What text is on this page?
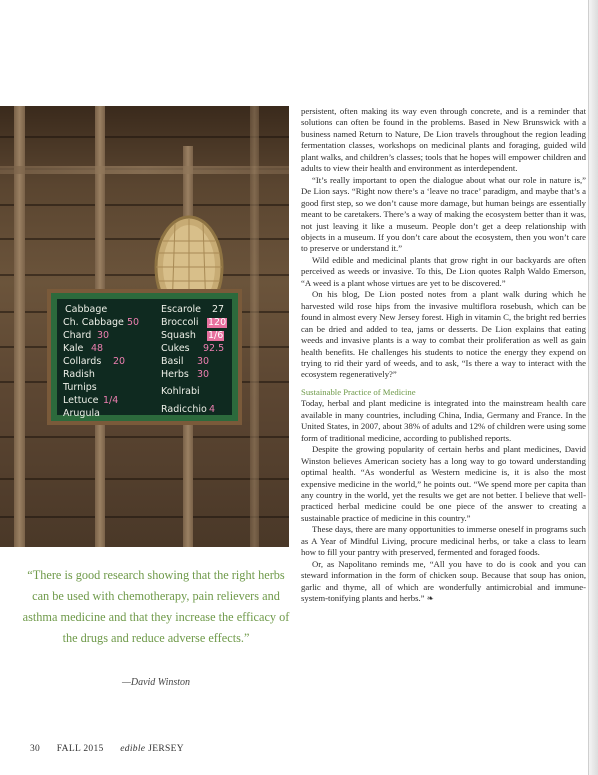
Cabbage
Ch. Cabbage 50
Chard 30
Kale 48
Collards 20
Radish
Turnips
Lettuce 1/4
Arugula
Escarole 27
Broccoli 120
Squash 1/6
Cukes 92.5
Basil 30
Herbs 30
Kohlrabi
Radicchio 4

persistent, often making its way even through concrete, and is a reminder that solutions can often be found in the problems. Based in New Brunswick with a business named Return to Nature, De Lion travels throughout the region leading fermentation classes, workshops on medicinal plants and foraging, guided wild plant walks, and children’s classes; tools that he hopes will empower children and adults to view their health and environment as interdependent.

“It’s really important to open the dialogue about what our role in nature is,” De Lion says. “Right now there’s a ‘leave no trace’ paradigm, and maybe that’s a good first step, so we don’t cause more damage, but human beings are essentially meant to be caretakers. There’s a way of making the ecosystem better than it was, not just leaving it like a museum. People don’t get a deep relationship with objects in a museum. If you don’t care about the ecosystem, then you won’t care to preserve or understand it.”

Wild edible and medicinal plants that grow right in our backyards are often perceived as weeds or invasive. To this, De Lion quotes Ralph Waldo Emerson, “A weed is a plant whose virtues are yet to be discovered.”

On his blog, De Lion posted notes from a plant walk during which he harvested wild rose hips from the invasive multiflora rosebush, which can be found in almost every New Jersey forest. High in vitamin C, the bright red berries can be dried and added to tea, jams or desserts. De Lion explains that eating weeds and invasive plants is a way to combat their proliferation as well as gain health benefits. He challenges his students to notice the energy they expend on trying to rid their yard of weeds, and to ask, “Is there a way to interact with the ecosystem regeneratively?”

Sustainable Practice of Medicine

Today, herbal and plant medicine is integrated into the mainstream health care available in many countries, including China, India, Germany and France. In the United States, in 2007, about 38% of adults and 12% of children were using some form of traditional medicine, according to published reports.

Despite the growing popularity of certain herbs and plant medicines, David Winston believes American society has a long way to go toward understanding optimal health. “As wonderful as Western medicine is, it is also the most expensive medicine in the world,” he points out. “We spend more per capita than any country in the world, yet the results we get are not better. I believe that well-practiced herbal medicine could be one piece of the answer to creating a sustainable practice of medicine in this country.”

These days, there are many opportunities to immerse oneself in programs such as A Year of Mindful Living, procure medicinal herbs, or take a class to learn how to fill your pantry with preserved, fermented and foraged foods.

Or, as Napolitano reminds me, “All you have to do is cook and you can steward information in the form of chicken soup. Because that soup has onion, garlic and thyme, all of which are wonderfully antimicrobial and immune-system-tonifying plants and herbs.” ❧

“There is good research showing that the right herbs can be used with chemotherapy, pain relievers and asthma medicine and that they increase the efficacy of the drugs and reduce adverse effects.”
—David Winston
30 FALL 2015 edible JERSEY
